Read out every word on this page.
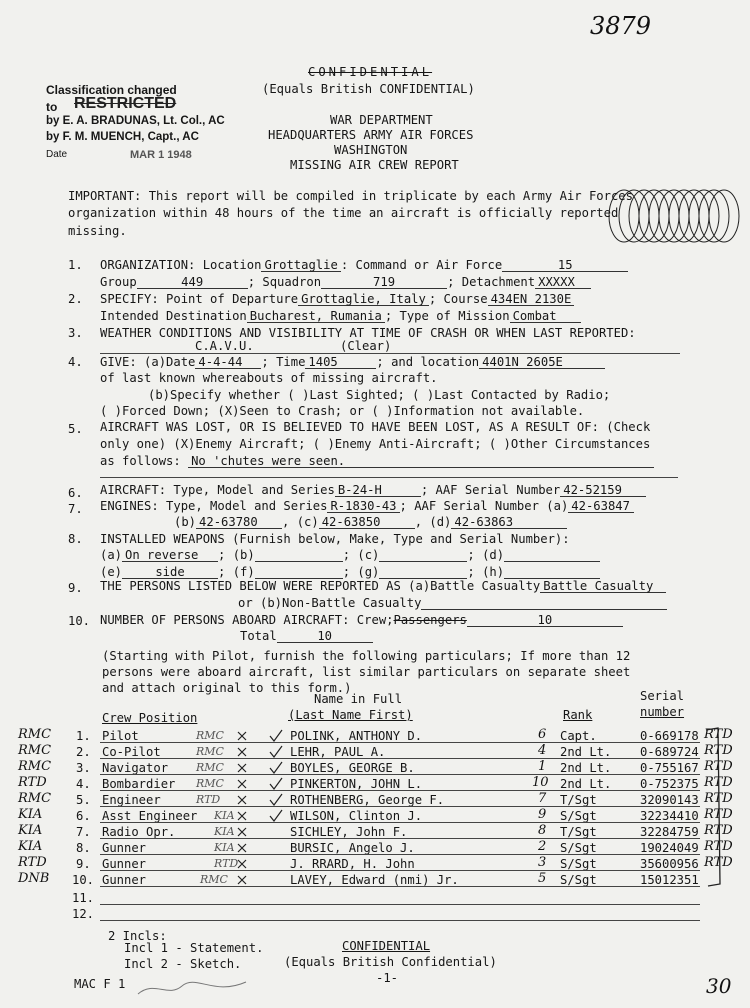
3879
CONFIDENTIAL
(Equals British CONFIDENTIAL)
Classification changed
to RESTRICTED
by E. A. BRADUNAS, Lt. Col., AC
by F. M. MUENCH, Capt., AC
Date	MAR 1 1948
WAR DEPARTMENT
HEADQUARTERS ARMY AIR FORCES
WASHINGTON
MISSING AIR CREW REPORT
IMPORTANT: This report will be compiled in triplicate by each Army Air Forces
organization within 48 hours of the time an aircraft is officially reported
missing.
1. ORGANIZATION: Location Grottaglie : Command or Air Force	15
Group	449	; Squadron	719	; Detachment XXXXX
2. SPECIFY: Point of Departure Grottaglie, Italy ; Course 434EN 2130E
Intended Destination Bucharest, Rumania ; Type of Mission Combat
3. WEATHER CONDITIONS AND VISIBILITY AT TIME OF CRASH OR WHEN LAST REPORTED:
C.A.V.U.	(Clear)
4. GIVE: (a)Date 4-4-44 ; Time 1405	; and location 4401N 2605E
of last known whereabouts of missing aircraft.
(b)Specify whether ( )Last Sighted; ( )Last Contacted by Radio;
( )Forced Down; (X)Seen to Crash; or ( )Information not available.
5. AIRCRAFT WAS LOST, OR IS BELIEVED TO HAVE BEEN LOST, AS A RESULT OF: (Check
only one) (X)Enemy Aircraft; ( )Enemy Anti-Aircraft; ( )Other Circumstances
as follows: No 'chutes were seen.
6. AIRCRAFT: Type, Model and Series B-24-H	; AAF Serial Number 42-52159
7. ENGINES: Type, Model and Series R-1830-43 ; AAF Serial Number (a) 42-63847
(b) 42-63780 , (c) 42-63850	, (d) 42-63863
8. INSTALLED WEAPONS (Furnish below, Make, Type and Serial Number):
(a) On reverse ; (b)	; (c)	; (d)
(e)	side	; (f)	; (g)	; (h)
9. THE PERSONS LISTED BELOW WERE REPORTED AS (a)Battle Casualty Battle Casualty
or (b)Non-Battle Casualty
10. NUMBER OF PERSONS ABOARD AIRCRAFT: Crew;Passengers	10
Total	10
(Starting with Pilot, furnish the following particulars; If more than 12
persons were aboard aircraft, list similar particulars on separate sheet
and attach original to this form.)
Name in Full
(Last Name First)
Crew Position	Rank
Serial
number
RMC 1. Pilot	RMC	POLINK, ANTHONY D.	6 Capt.	0-669178 RTD
RMC 2. Co-Pilot	RMC	LEHR, PAUL A.	4 2nd Lt. 0-689724 RTD
RMC 3. Navigator	RMC	BOYLES, GEORGE B.	1 2nd Lt. 0-755167 RTD
RTD 4. Bombardier RMC	PINKERTON, JOHN L.	10 2nd Lt. 0-752375 RTD
RMC 5. Engineer	RTD	ROTHENBERG, George F.	7 T/Sgt	32090143 RTD
KIA	6. Asst Engineer KIA	WILSON, Clinton J.	9 S/Sgt	32234410 RTD
KIA	7. Radio Opr.	KIA	SICHLEY, John F.	8 T/Sgt	32284759 RTD
KIA	8. Gunner	KIA	BURSIC, Angelo J.	2 S/Sgt	19024049 RTD
RTD 9. Gunner	RTD	J. RRARD, H. John	3 S/Sgt	35600956 RTD
DNB 10. Gunner	RMC	LAVEY, Edward (nmi) Jr.	5 S/Sgt	15012351
11.
12.
2 Incls:
Incl 1 - Statement.
Incl 2 - Sketch.
CONFIDENTIAL
(Equals British Confidential)
-1-
MAC F 1	30
